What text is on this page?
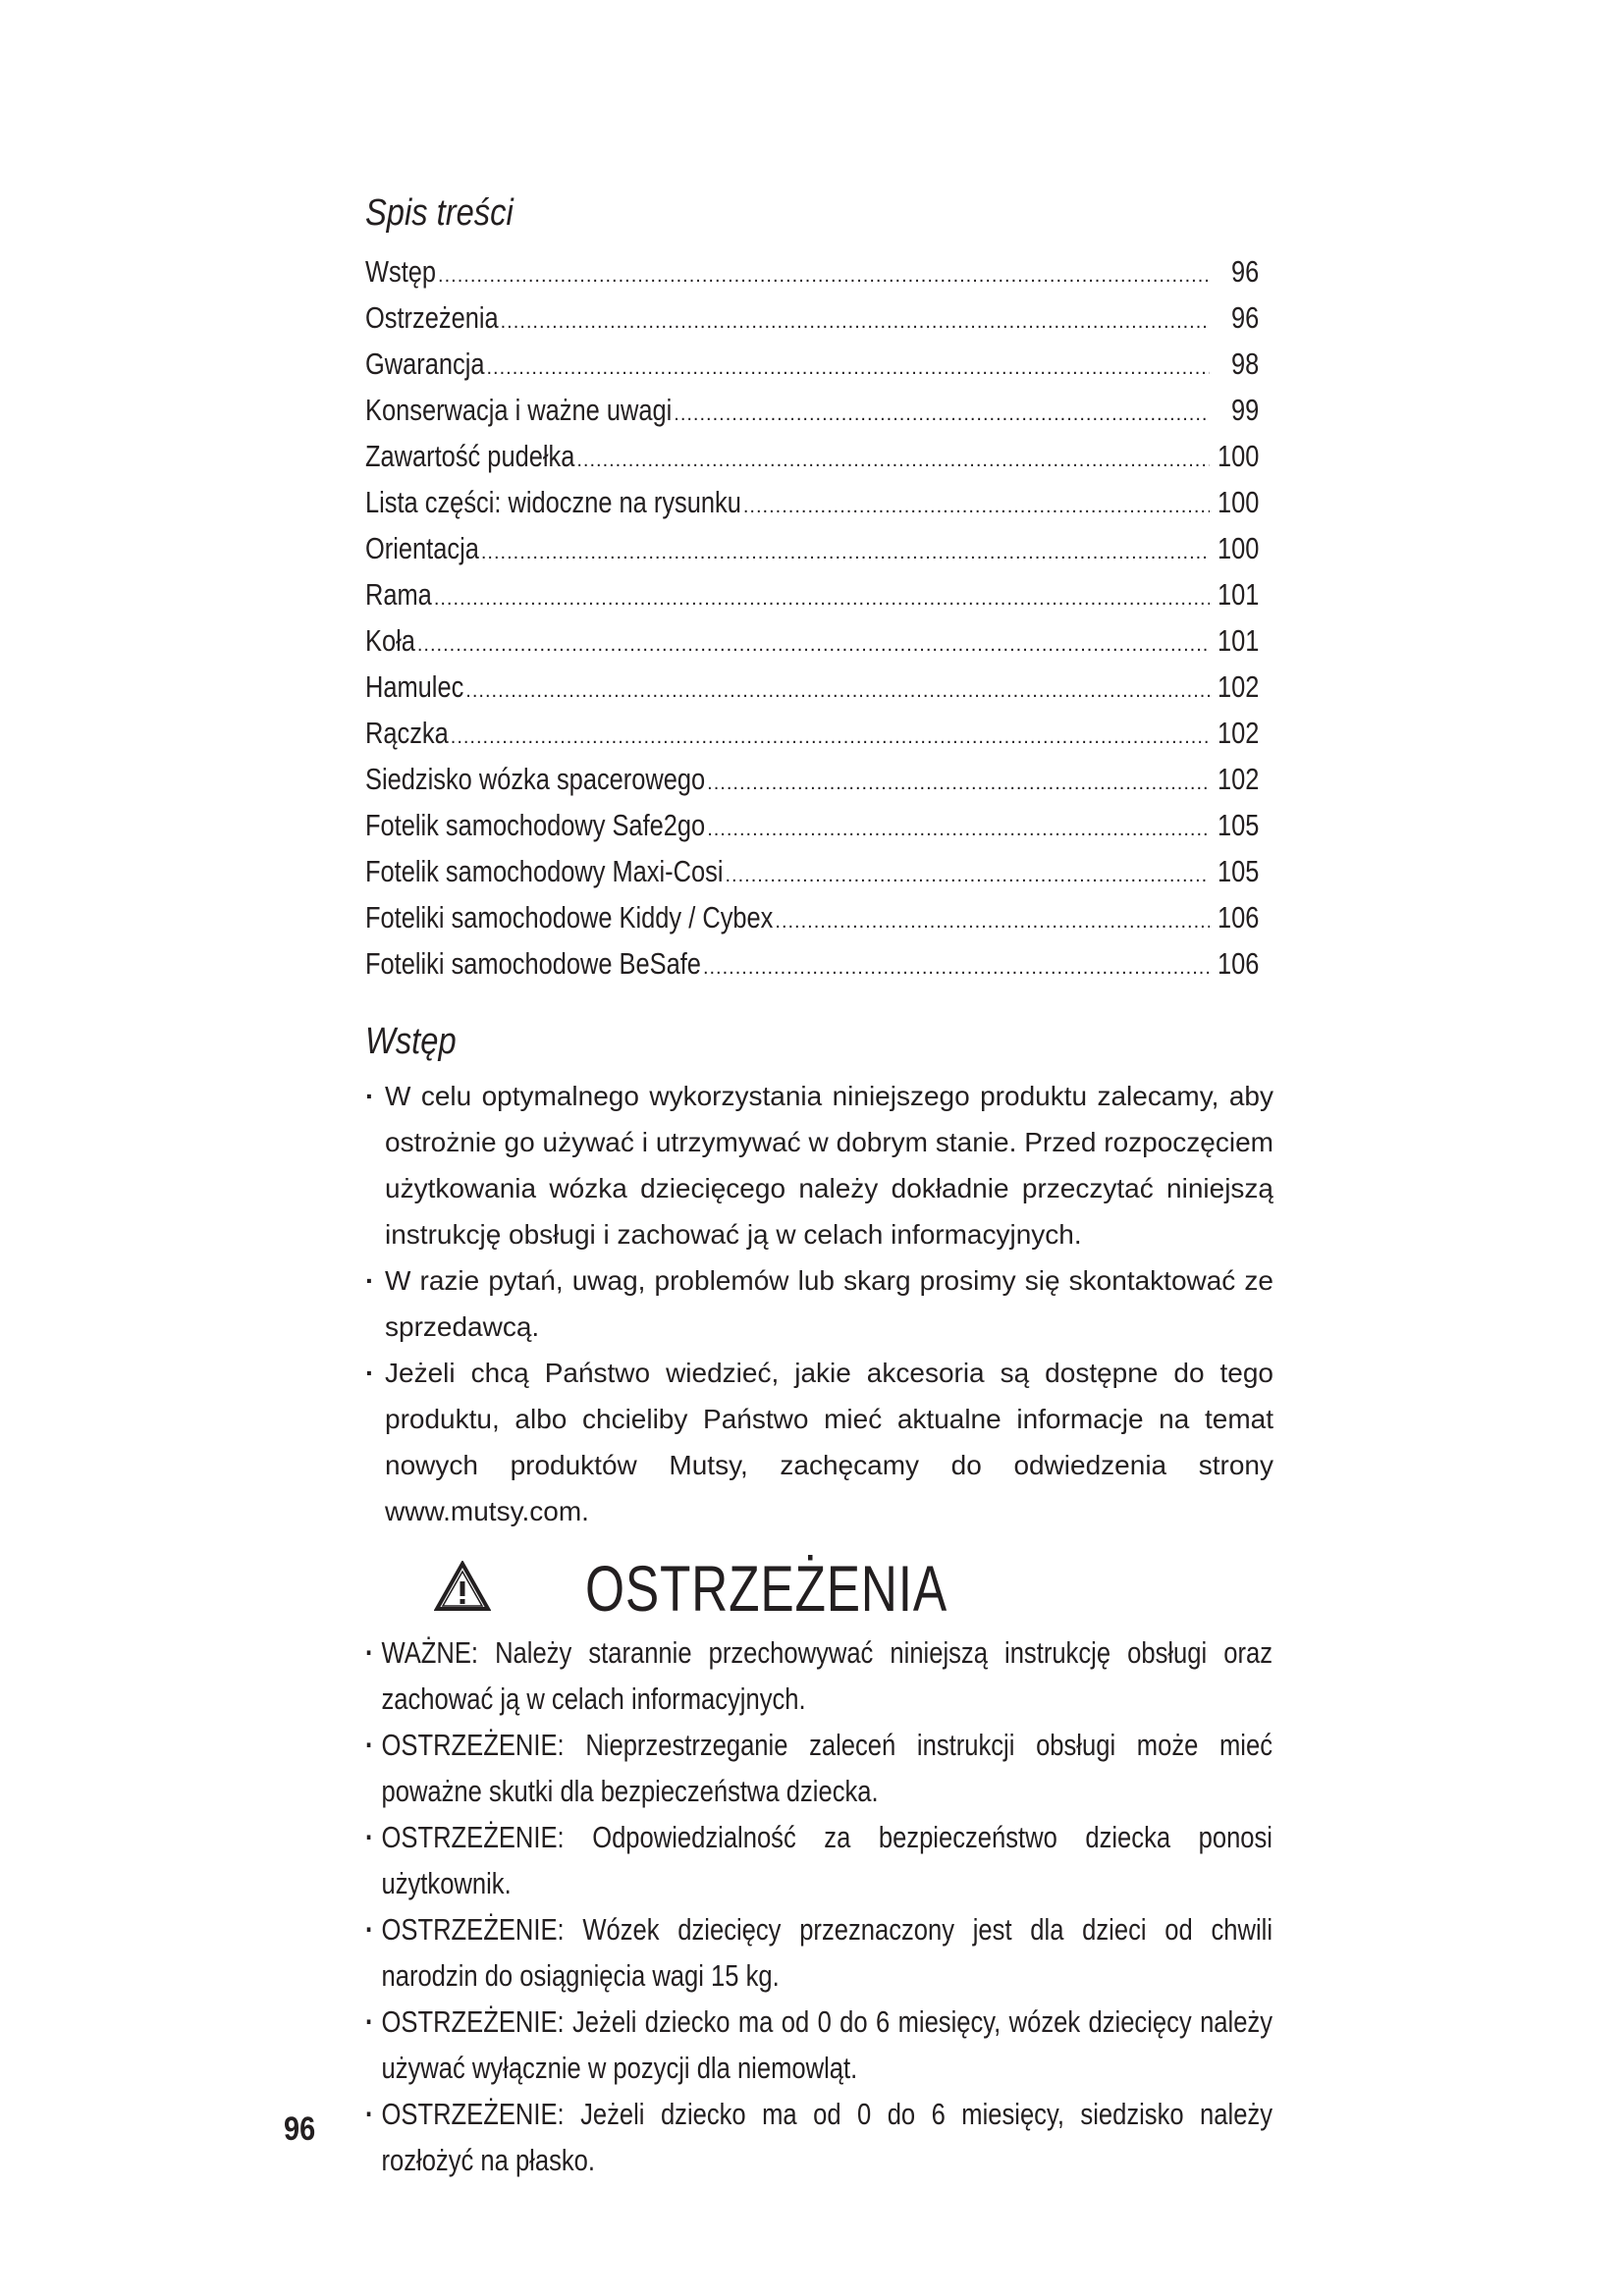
Spis treści
Wstęp .....	96
Ostrzeżenia .....	96
Gwarancja .....	98
Konserwacja i ważne uwagi .....	99
Zawartość pudełka .....	100
Lista części: widoczne na rysunku .....	100
Orientacja .....	100
Rama .....	101
Koła .....	101
Hamulec .....	102
Rączka .....	102
Siedzisko wózka spacerowego .....	102
Fotelik samochodowy Safe2go .....	105
Fotelik samochodowy Maxi-Cosi .....	105
Foteliki samochodowe Kiddy / Cybex .....	106
Foteliki samochodowe BeSafe .....	106
Wstęp
· W celu optymalnego wykorzystania niniejszego produktu zalecamy, aby ostrożnie go używać i utrzymywać w dobrym stanie. Przed rozpoczęciem użytkowania wózka dziecięcego należy dokładnie przeczytać niniejszą instrukcję obsługi i zachować ją w celach informacyjnych.
· W razie pytań, uwag, problemów lub skarg prosimy się skontaktować ze sprzedawcą.
· Jeżeli chcą Państwo wiedzieć, jakie akcesoria są dostępne do tego produktu, albo chcieliby Państwo mieć aktualne informacje na temat nowych produktów Mutsy, zachęcamy do odwiedzenia strony www.mutsy.com.
OSTRZEŻENIA
· WAŻNE: Należy starannie przechowywać niniejszą instrukcję obsługi oraz zachować ją w celach informacyjnych.
· OSTRZEŻENIE: Nieprzestrzeganie zaleceń instrukcji obsługi może mieć poważne skutki dla bezpieczeństwa dziecka.
· OSTRZEŻENIE: Odpowiedzialność za bezpieczeństwo dziecka ponosi użytkownik.
· OSTRZEŻENIE: Wózek dziecięcy przeznaczony jest dla dzieci od chwili narodzin do osiągnięcia wagi 15 kg.
· OSTRZEŻENIE: Jeżeli dziecko ma od 0 do 6 miesięcy, wózek dziecięcy należy używać wyłącznie w pozycji dla niemowląt.
· OSTRZEŻENIE: Jeżeli dziecko ma od 0 do 6 miesięcy, siedzisko należy rozłożyć na płasko.
96
